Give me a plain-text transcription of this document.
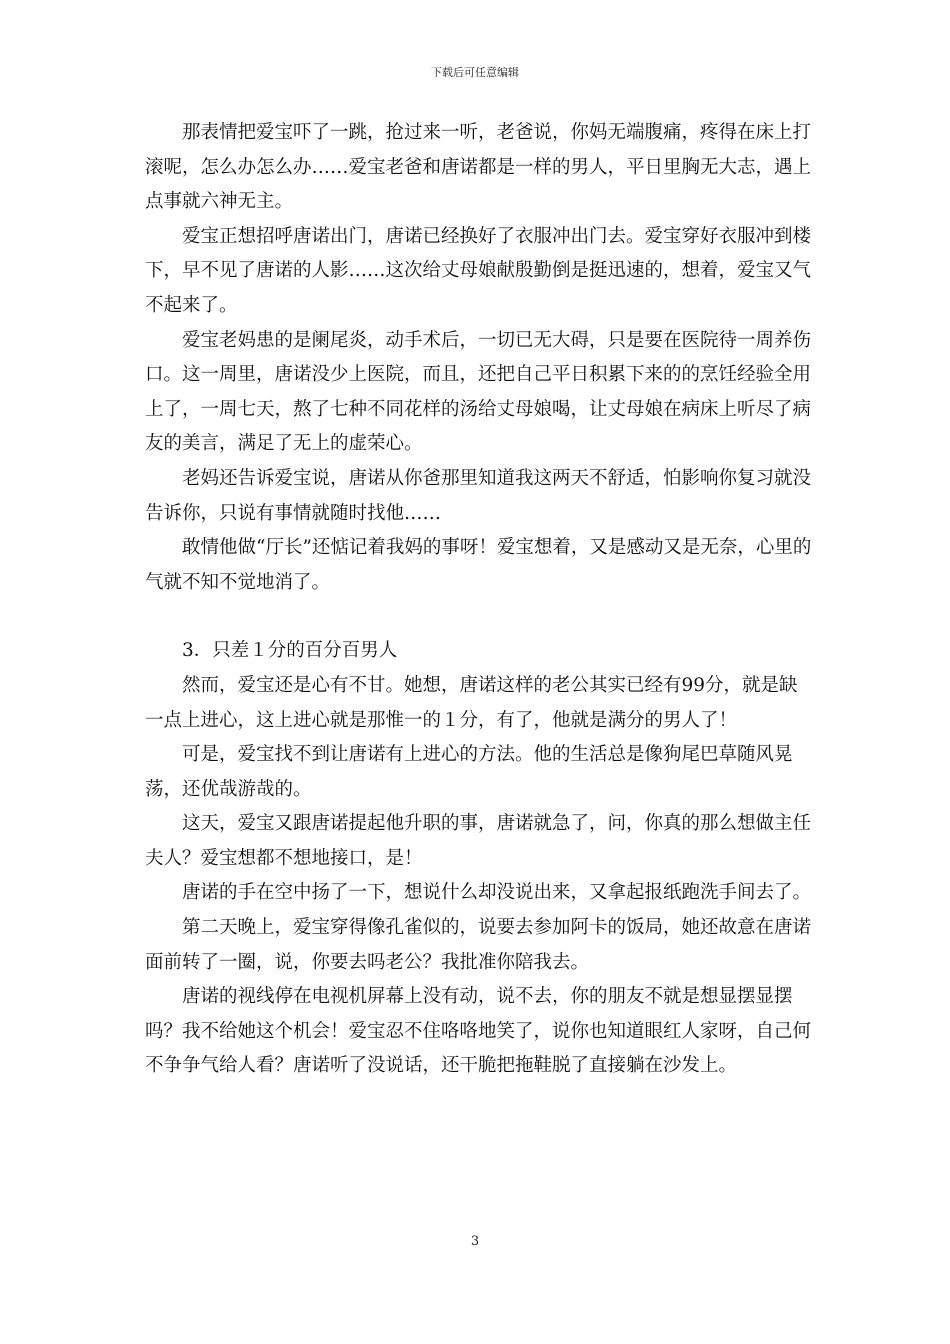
下载后可任意编辑

那表情把爱宝吓了一跳，抢过来一听，老爸说，你妈无端腹痛，疼得在床上打滚呢，怎么办怎么办……爱宝老爸和唐诺都是一样的男人，平日里胸无大志，遇上点事就六神无主。

爱宝正想招呼唐诺出门，唐诺已经换好了衣服冲出门去。爱宝穿好衣服冲到楼下，早不见了唐诺的人影……这次给丈母娘献殷勤倒是挺迅速的，想着，爱宝又气不起来了。

爱宝老妈患的是阑尾炎，动手术后，一切已无大碍，只是要在医院待一周养伤口。这一周里，唐诺没少上医院，而且，还把自己平日积累下来的的烹饪经验全用上了，一周七天，熬了七种不同花样的汤给丈母娘喝，让丈母娘在病床上听尽了病友的美言，满足了无上的虚荣心。

老妈还告诉爱宝说，唐诺从你爸那里知道我这两天不舒适，怕影响你复习就没告诉你，只说有事情就随时找他……

敢情他做“厅长”还惦记着我妈的事呀！爱宝想着，又是感动又是无奈，心里的气就不知不觉地消了。

3．只差１分的百分百男人

然而，爱宝还是心有不甘。她想，唐诺这样的老公其实已经有99分，就是缺一点上进心，这上进心就是那惟一的１分，有了，他就是满分的男人了！

可是，爱宝找不到让唐诺有上进心的方法。他的生活总是像狗尾巴草随风晃荡，还优哉游哉的。

这天，爱宝又跟唐诺提起他升职的事，唐诺就急了，问，你真的那么想做主任夫人？爱宝想都不想地接口，是！

唐诺的手在空中扬了一下，想说什么却没说出来，又拿起报纸跑洗手间去了。

第二天晚上，爱宝穿得像孔雀似的，说要去参加阿卡的饭局，她还故意在唐诺面前转了一圈，说，你要去吗老公？我批准你陪我去。

唐诺的视线停在电视机屏幕上没有动，说不去，你的朋友不就是想显摆显摆吗？我不给她这个机会！爱宝忍不住咯咯地笑了，说你也知道眼红人家呀，自己何不争争气给人看？唐诺听了没说话，还干脆把拖鞋脱了直接躺在沙发上。

3
